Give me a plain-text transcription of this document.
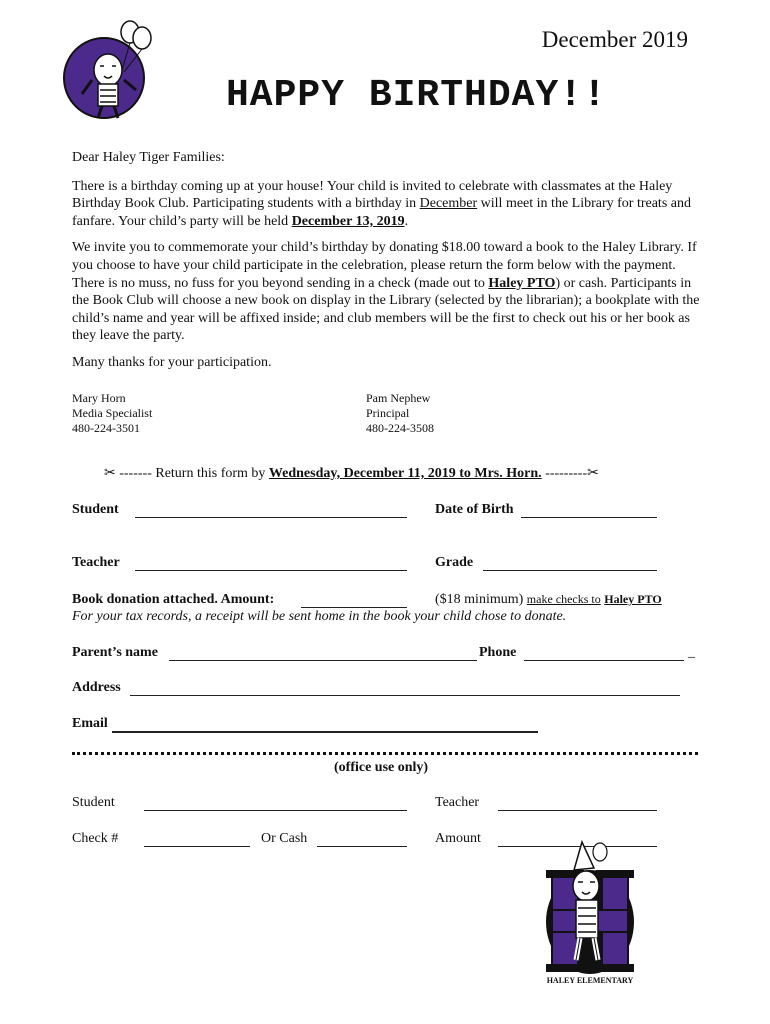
December 2019
HAPPY BIRTHDAY!!

Dear Haley Tiger Families:

There is a birthday coming up at your house! Your child is invited to celebrate with classmates at the Haley Birthday Book Club. Participating students with a birthday in December will meet in the Library for treats and fanfare. Your child’s party will be held December 13, 2019.

We invite you to commemorate your child’s birthday by donating $18.00 toward a book to the Haley Library. If you choose to have your child participate in the celebration, please return the form below with the payment. There is no muss, no fuss for you beyond sending in a check (made out to Haley PTO) or cash. Participants in the Book Club will choose a new book on display in the Library (selected by the librarian); a bookplate with the child’s name and year will be affixed inside; and club members will be the first to check out his or her book as they leave the party.

Many thanks for your participation.

Mary Horn
Media Specialist
480-224-3501
Pam Nephew
Principal
480-224-3508
✂ ------- Return this form by Wednesday, December 11, 2019 to Mrs. Horn. ---------✂
Student	Date of Birth
Teacher	Grade
Book donation attached. Amount:	($18 minimum) make checks to Haley PTO
For your tax records, a receipt will be sent home in the book your child chose to donate.
Parent’s name	Phone	_
Address
Email
(office use only)
Student	Teacher
Check #	Or Cash	Amount
HALEY ELEMENTARY
